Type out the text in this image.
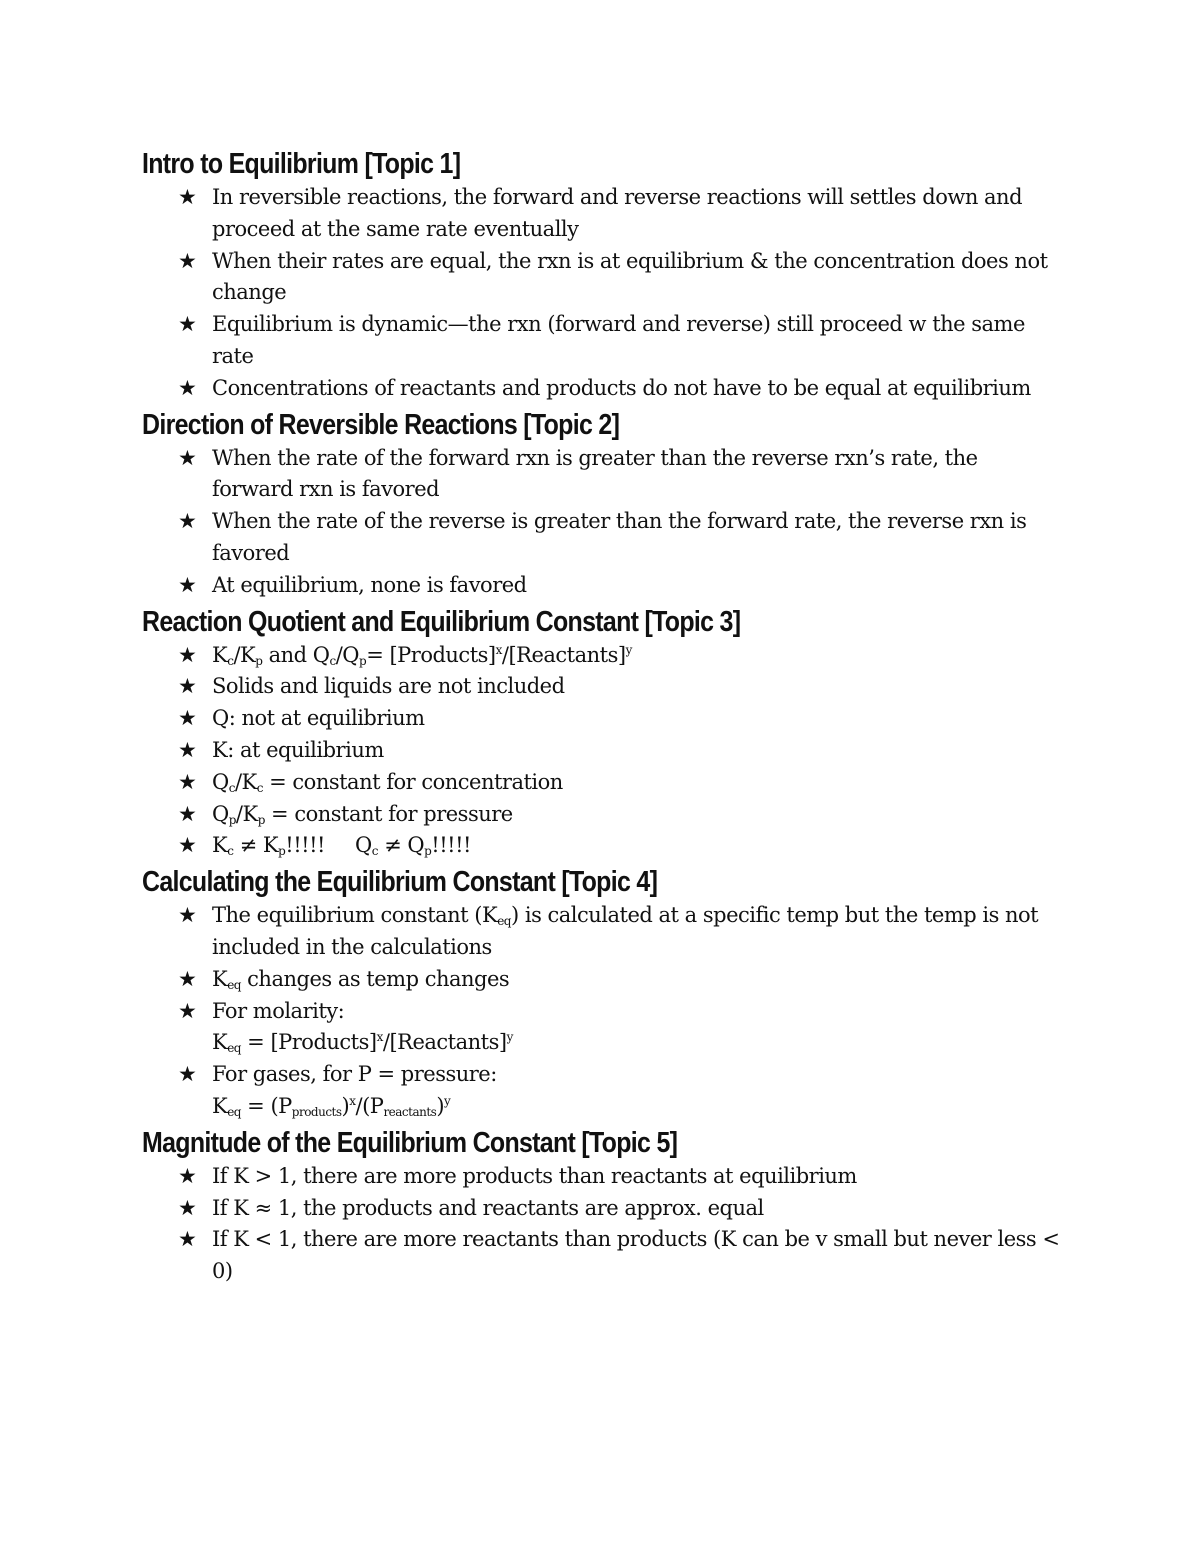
Intro to Equilibrium [Topic 1]
★ In reversible reactions, the forward and reverse reactions will settles down and proceed at the same rate eventually
★ When their rates are equal, the rxn is at equilibrium & the concentration does not change
★ Equilibrium is dynamic—the rxn (forward and reverse) still proceed w the same rate
★ Concentrations of reactants and products do not have to be equal at equilibrium
Direction of Reversible Reactions [Topic 2]
★ When the rate of the forward rxn is greater than the reverse rxn’s rate, the forward rxn is favored
★ When the rate of the reverse is greater than the forward rate, the reverse rxn is favored
★ At equilibrium, none is favored
Reaction Quotient and Equilibrium Constant [Topic 3]
★ $K_c/K_p$ and $Q_c/Q_p=$ [Products]$^x$/[Reactants]$^y$
★ Solids and liquids are not included
★ Q: not at equilibrium
★ K: at equilibrium
★ $Q_c/K_c$ = constant for concentration
★ $Q_p/K_p$ = constant for pressure
★ $K_c \ne K_p$!!!!! $Q_c \ne Q_p$!!!!!
Calculating the Equilibrium Constant [Topic 4]
★ The equilibrium constant $(K_{eq})$ is calculated at a specific temp but the temp is not included in the calculations
★ $K_{eq}$ changes as temp changes
★ For molarity:
$K_{eq}$ = [Products]$^x$/[Reactants]$^y$
★ For gases, for P = pressure:
$K_{eq} = (P_{products})^x/(P_{reactants})^y$
Magnitude of the Equilibrium Constant [Topic 5]
★ If K > 1, there are more products than reactants at equilibrium
★ If K ≈ 1, the products and reactants are approx. equal
★ If K < 1, there are more reactants than products (K can be v small but never less < 0)
